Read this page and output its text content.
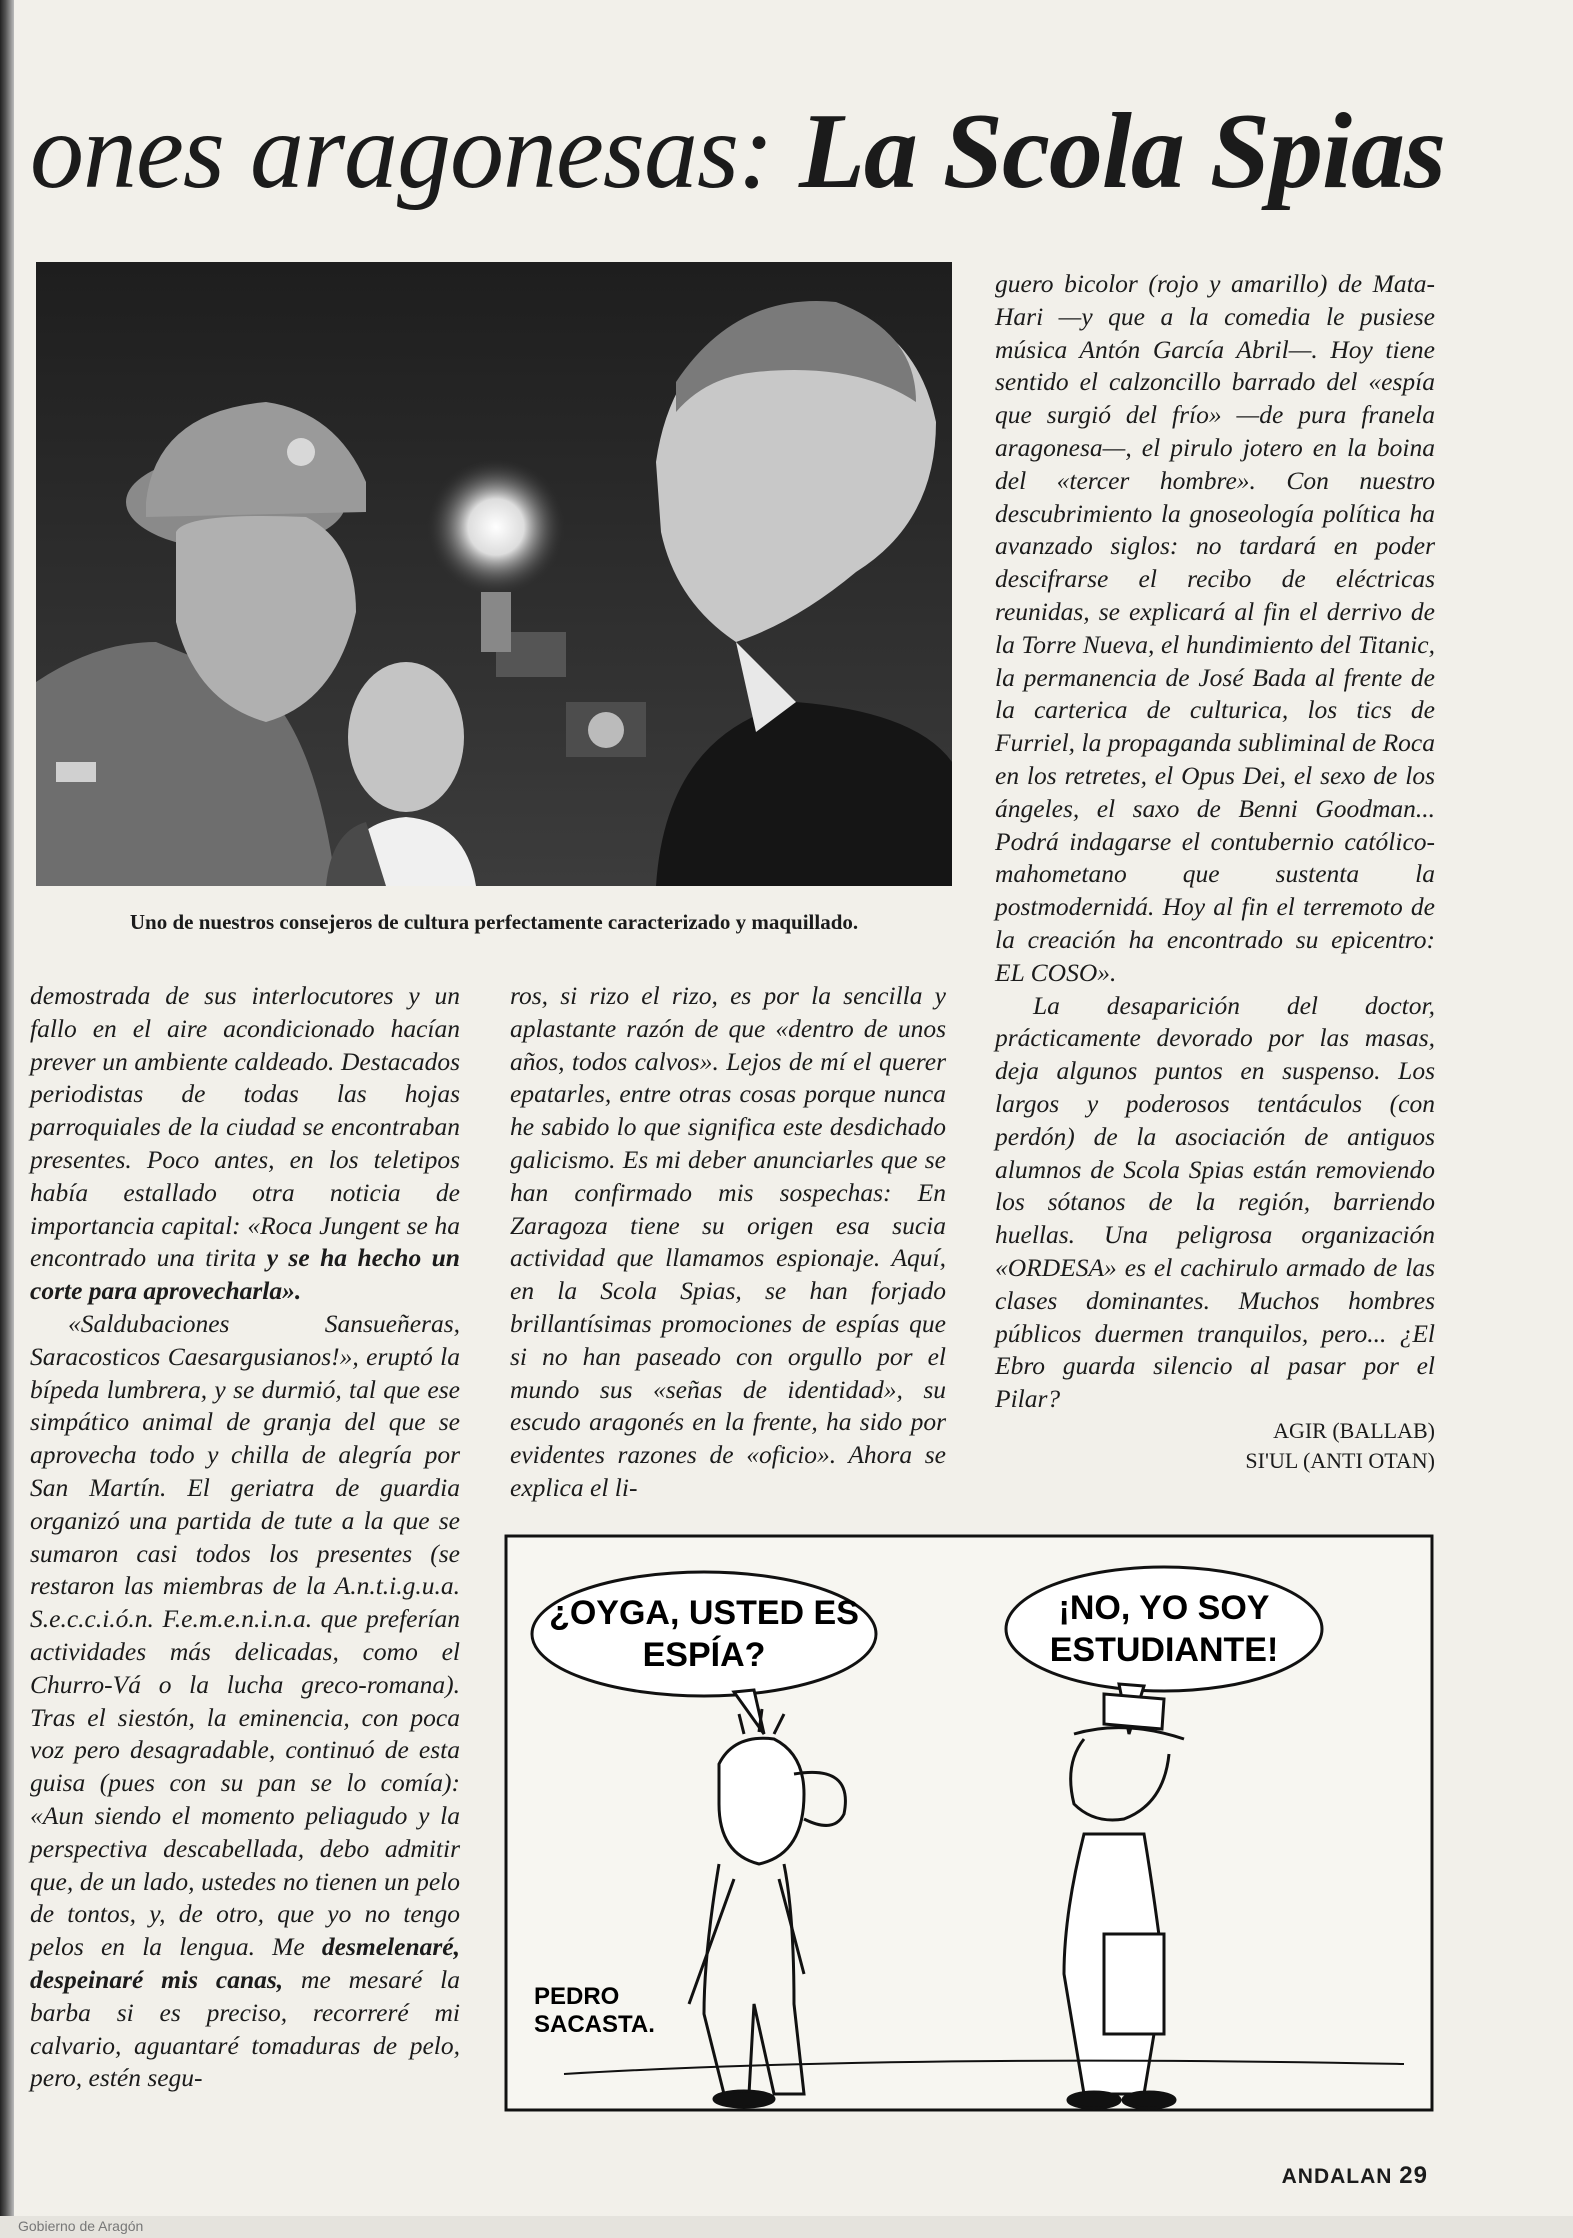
ones aragonesas: La Scola Spias
Uno de nuestros consejeros de cultura perfectamente caracterizado y maquillado.

demostrada de sus interlocutores y un fallo en el aire acondicionado hacían prever un ambiente caldeado. Destacados periodistas de todas las hojas parroquiales de la ciudad se encontraban presentes. Poco antes, en los teletipos había estallado otra noticia de importancia capital: «Roca Jungent se ha encontrado una tirita y se ha hecho un corte para aprovecharla».

«Saldubaciones Sansueñeras, Saracosticos Caesargusianos!», eruptó la bípeda lumbrera, y se durmió, tal que ese simpático animal de granja del que se aprovecha todo y chilla de alegría por San Martín. El geriatra de guardia organizó una partida de tute a la que se sumaron casi todos los presentes (se restaron las miembras de la A.n.t.i.g.u.a. S.e.c.c.i.ó.n. F.e.m.e.n.i.n.a. que preferían actividades más delicadas, como el Churro-Vá o la lucha greco-romana). Tras el siestón, la eminencia, con poca voz pero desagradable, continuó de esta guisa (pues con su pan se lo comía): «Aun siendo el momento peliagudo y la perspectiva descabellada, debo admitir que, de un lado, ustedes no tienen un pelo de tontos, y, de otro, que yo no tengo pelos en la lengua. Me desmelenaré, despeinaré mis canas, me mesaré la barba si es preciso, recorreré mi calvario, aguantaré tomaduras de pelo, pero, estén segu-

ros, si rizo el rizo, es por la sencilla y aplastante razón de que «dentro de unos años, todos calvos». Lejos de mí el querer epatarles, entre otras cosas porque nunca he sabido lo que significa este desdichado galicismo. Es mi deber anunciarles que se han confirmado mis sospechas: En Zaragoza tiene su origen esa sucia actividad que llamamos espionaje. Aquí, en la Scola Spias, se han forjado brillantísimas promociones de espías que si no han paseado con orgullo por el mundo sus «señas de identidad», su escudo aragonés en la frente, ha sido por evidentes razones de «oficio». Ahora se explica el li-

guero bicolor (rojo y amarillo) de Mata-Hari —y que a la comedia le pusiese música Antón García Abril—. Hoy tiene sentido el calzoncillo barrado del «espía que surgió del frío» —de pura franela aragonesa—, el pirulo jotero en la boina del «tercer hombre». Con nuestro descubrimiento la gnoseología política ha avanzado siglos: no tardará en poder descifrarse el recibo de eléctricas reunidas, se explicará al fin el derrivo de la Torre Nueva, el hundimiento del Titanic, la permanencia de José Bada al frente de la carterica de culturica, los tics de Furriel, la propaganda subliminal de Roca en los retretes, el Opus Dei, el sexo de los ángeles, el saxo de Benni Goodman... Podrá indagarse el contubernio católico-mahometano que sustenta la postmodernidá. Hoy al fin el terremoto de la creación ha encontrado su epicentro: EL COSO».

La desaparición del doctor, prácticamente devorado por las masas, deja algunos puntos en suspenso. Los largos y poderosos tentáculos (con perdón) de la asociación de antiguos alumnos de Scola Spias están removiendo los sótanos de la región, barriendo huellas. Una peligrosa organización «ORDESA» es el cachirulo armado de las clases dominantes. Muchos hombres públicos duermen tranquilos, pero... ¿El Ebro guarda silencio al pasar por el Pilar?

AGIR (BALLAB)

SI'UL (ANTI OTAN)

¿OYGA, USTED ES
ESPÍA?
¡NO, YO SOY
ESTUDIANTE!
PEDRO
SACASTA.
ANDALAN 29
Gobierno de Aragón
